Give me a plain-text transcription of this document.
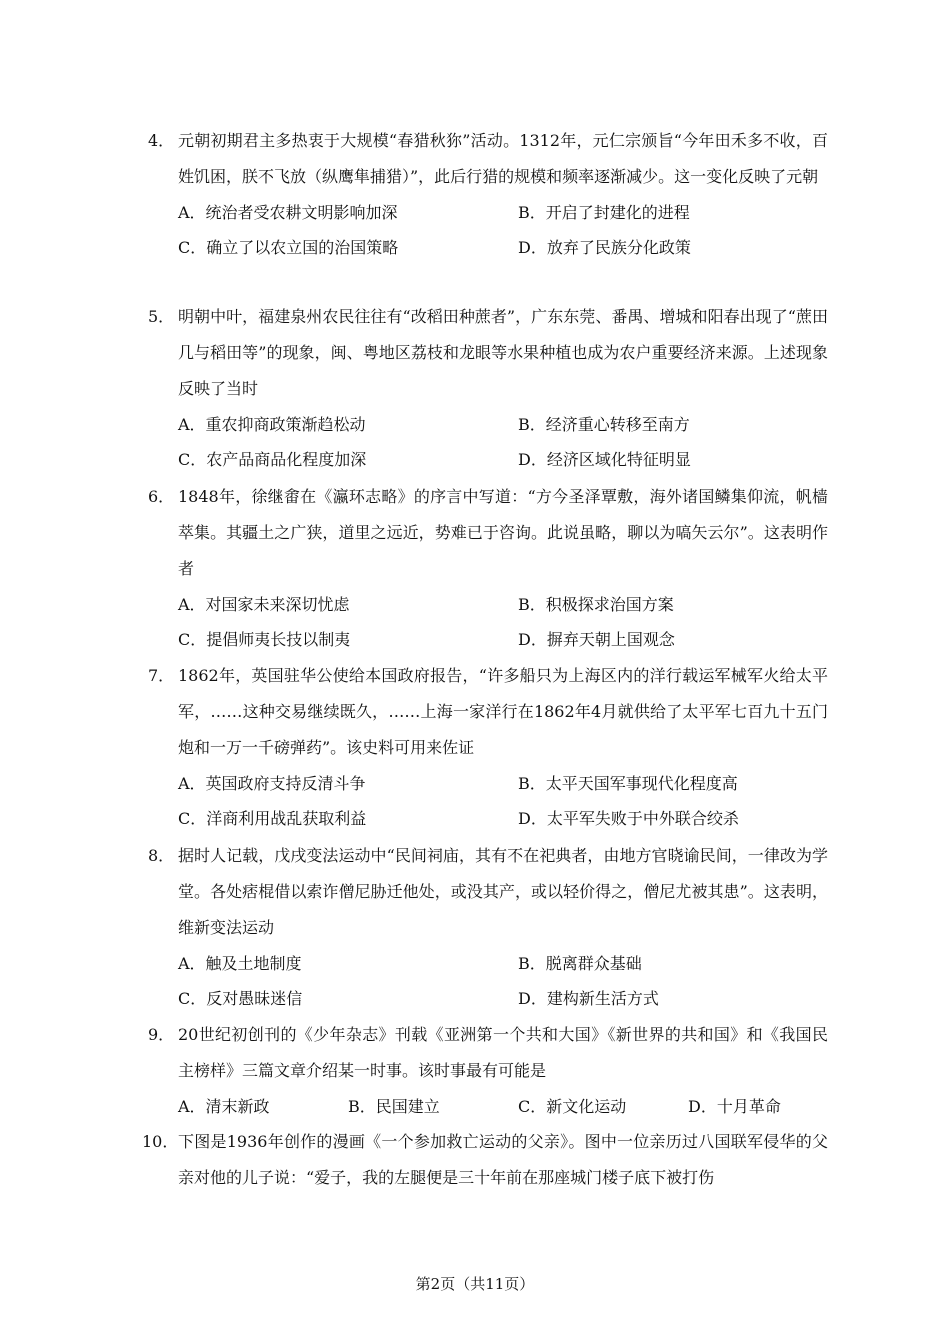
4． 元朝初期君主多热衷于大规模“春猎秋狝”活动。1312年，元仁宗颁旨“今年田禾多不收，百姓饥困，朕不飞放（纵鹰隼捕猎）”，此后行猎的规模和频率逐渐减少。这一变化反映了元朝
A．统治者受农耕文明影响加深	B．开启了封建化的进程
C．确立了以农立国的治国策略	D．放弃了民族分化政策
5． 明朝中叶，福建泉州农民往往有“改稻田种蔗者”，广东东莞、番禺、增城和阳春出现了“蔗田几与稻田等”的现象，闽、粤地区荔枝和龙眼等水果种植也成为农户重要经济来源。上述现象反映了当时
A．重农抑商政策渐趋松动	B．经济重心转移至南方
C．农产品商品化程度加深	D．经济区域化特征明显
6． 1848年，徐继畬在《瀛环志略》的序言中写道：“方今圣泽覃敷，海外诸国鳞集仰流，帆樯萃集。其疆土之广狭，道里之远近，势难已于咨询。此说虽略，聊以为嗃矢云尔”。这表明作者
A．对国家未来深切忧虑	B．积极探求治国方案
C．提倡师夷长技以制夷	D．摒弃天朝上国观念
7． 1862年，英国驻华公使给本国政府报告，“许多船只为上海区内的洋行载运军械军火给太平军，……这种交易继续既久，……上海一家洋行在1862年4月就供给了太平军七百九十五门炮和一万一千磅弹药”。该史料可用来佐证
A．英国政府支持反清斗争	B．太平天国军事现代化程度高
C．洋商利用战乱获取利益	D．太平军失败于中外联合绞杀
8． 据时人记载，戊戌变法运动中“民间祠庙，其有不在祀典者，由地方官晓谕民间，一律改为学堂。各处痞棍借以索诈僧尼胁迁他处，或没其产，或以轻价得之，僧尼尤被其患”。这表明，维新变法运动
A．触及土地制度	B．脱离群众基础
C．反对愚昧迷信	D．建构新生活方式
9． 20世纪初创刊的《少年杂志》刊载《亚洲第一个共和大国》《新世界的共和国》和《我国民主榜样》三篇文章介绍某一时事。该时事最有可能是
A．清末新政	B．民国建立	C．新文化运动	D．十月革命
10． 下图是1936年创作的漫画《一个参加救亡运动的父亲》。图中一位亲历过八国联军侵华的父亲对他的儿子说：“爱子，我的左腿便是三十年前在那座城门楼子底下被打伤
第2页（共11页）
